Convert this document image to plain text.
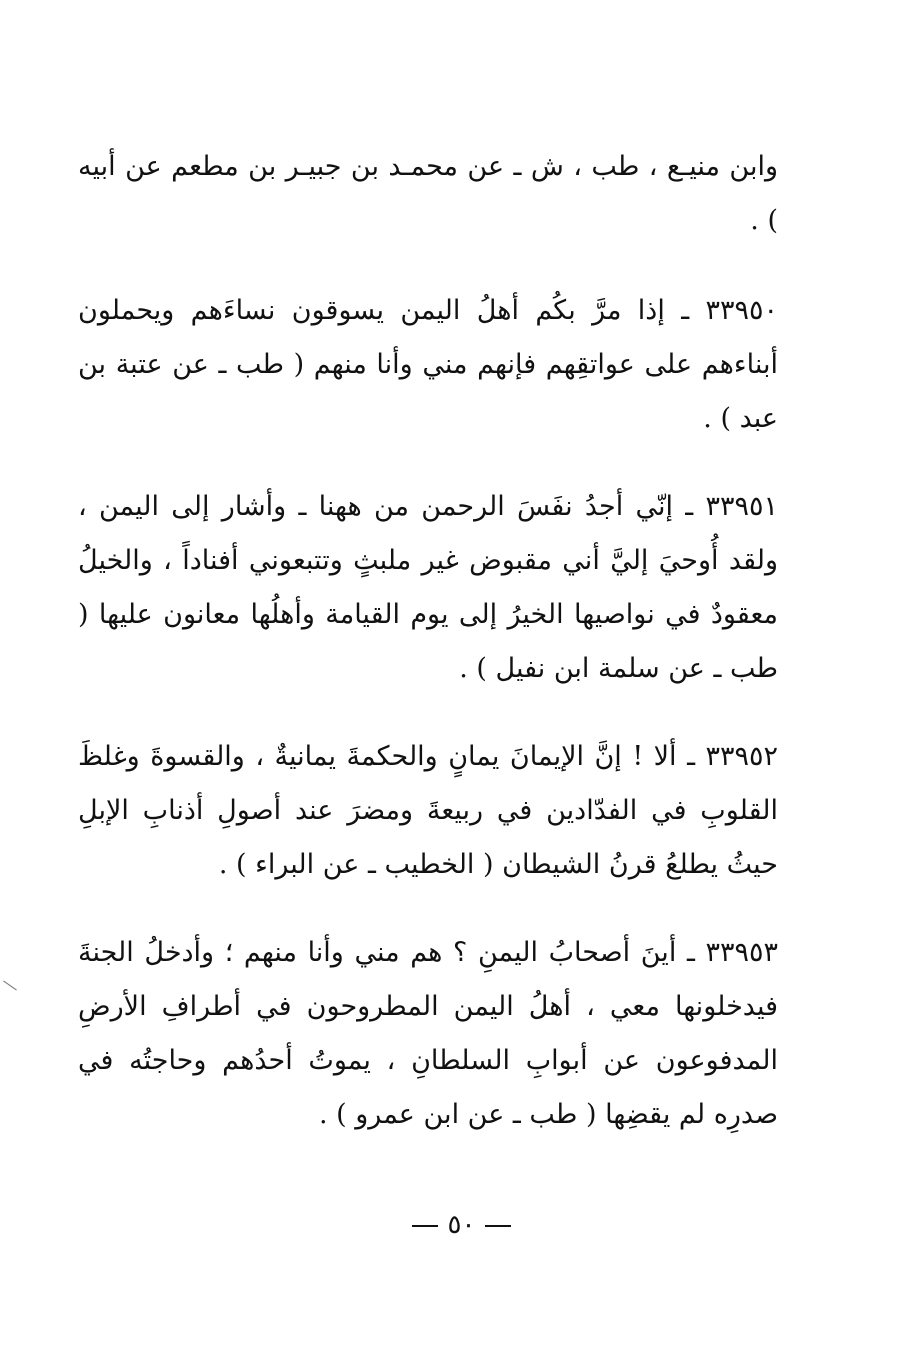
وابن منيـع ، طب ، ش ـ عن محمـد بن جبيـر بن مطعم عن أبيه ) .

٣٣٩٥٠ ـ إذا مرَّ بكُم أهلُ اليمن يسوقون نساءَهم ويحملون أبناءهم على عواتقِهم فإنهم مني وأنا منهم ( طب ـ عن عتبة بن عبد ) .

٣٣٩٥١ ـ إنّي أجدُ نفَسَ الرحمن من ههنا ـ وأشار إلى اليمن ، ولقد أُوحيَ إليَّ أني مقبوض غير ملبثٍ وتتبعوني أفناداً ، والخيلُ معقودٌ في نواصيها الخيرُ إلى يوم القيامة وأهلُها معانون عليها ( طب ـ عن سلمة ابن نفيل ) .

٣٣٩٥٢ ـ ألا ! إنَّ الإيمانَ يمانٍ والحكمةَ يمانيةٌ ، والقسوةَ وغلظَ القلوبِ في الفدّادين في ربيعةَ ومضرَ عند أصولِ أذنابِ الإبلِ حيثُ يطلعُ قرنُ الشيطان ( الخطيب ـ عن البراء ) .

٣٣٩٥٣ ـ أينَ أصحابُ اليمنِ ؟ هم مني وأنا منهم ؛ وأدخلُ الجنةَ فيدخلونها معي ، أهلُ اليمن المطروحون في أطرافِ الأرضِ المدفوعون عن أبوابِ السلطانِ ، يموتُ أحدُهم وحاجتُه في صدرِه لم يقضِها ( طب ـ عن ابن عمرو ) .

٥٠
